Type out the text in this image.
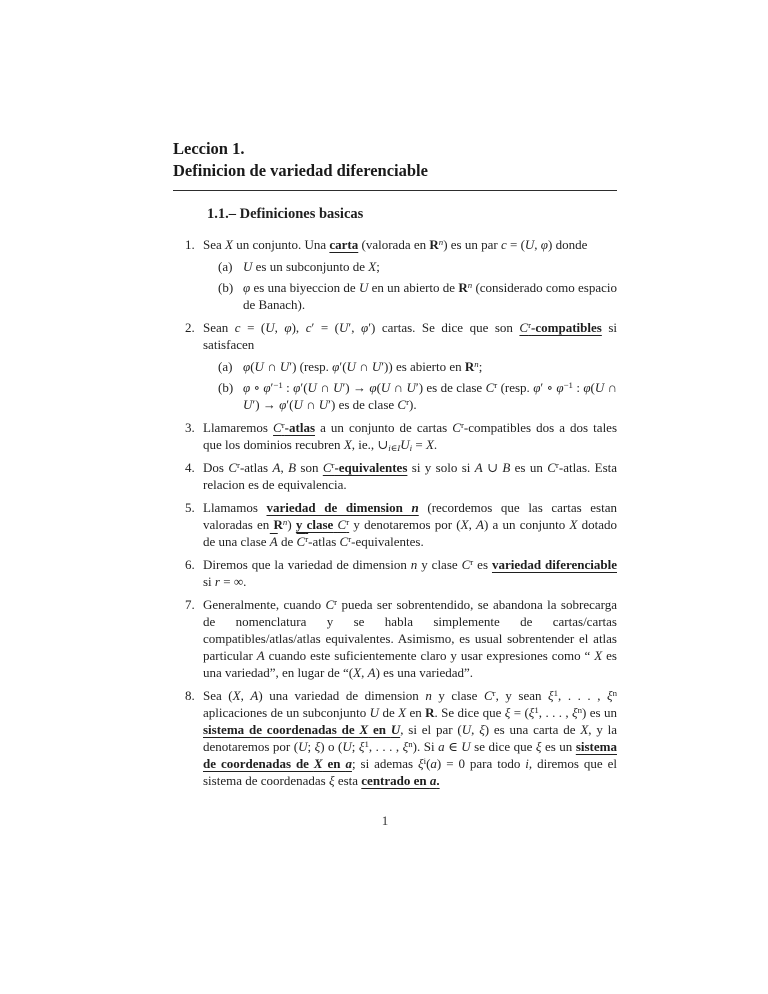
Leccion 1.
Definicion de variedad diferenciable
1.1.– Definiciones basicas
1. Sea X un conjunto. Una carta (valorada en $R^n$) es un par c = (U, φ) donde
(a) U es un subconjunto de X;
(b) φ es una biyeccion de U en un abierto de $R^n$ (considerado como espacio de Banach).
2. Sean c = (U, φ), c′ = (U′, φ′) cartas. Se dice que son $C^r$-compatibles si satisfacen
(a) φ(U ∩ U′) (resp. φ′(U ∩ U′)) es abierto en $R^n$;
(b) φ ∘ $\varphi'^{-1}$ : φ′(U ∩ U′) → φ(U ∩ U′) es de clase $C^r$ (resp. φ′ ∘ $\varphi^{-1}$ : φ(U ∩ U′) → φ′(U ∩ U′) es de clase $C^r$).
3. Llamaremos $C^r$-atlas a un conjunto de cartas $C^r$-compatibles dos a dos tales que los dominios recubren X, ie., $\cup_{i\in I}U_i = X$.
4. Dos $C^r$-atlas A, B son $C^r$-equivalentes si y solo si A ∪ B es un $C^r$-atlas. Esta relacion es de equivalencia.
5. Llamamos variedad de dimension n (recordemos que las cartas estan valoradas en $R^n$) y clase $C^r$ y denotaremos por (X, A) a un conjunto X dotado de una clase $\overline{A}$ de $C^r$-atlas $C^r$-equivalentes.
6. Diremos que la variedad de dimension n y clase $C^r$ es variedad diferenciable si r = ∞.
7. Generalmente, cuando $C^r$ pueda ser sobrentendido, se abandona la sobrecarga de nomenclatura y se habla simplemente de cartas/cartas compatibles/atlas/atlas equivalentes. Asimismo, es usual sobrentender el atlas particular A cuando este suficientemente claro y usar expresiones como “ X es una variedad”, en lugar de “(X, A) es una variedad”.
8. Sea (X, A) una variedad de dimension n y clase $C^r$, y sean $\xi^1$, . . . , $\xi^n$ aplicaciones de un subconjunto U de X en R. Se dice que $\xi = (\xi^1$, . . . , $\xi^n$) es un sistema de coordenadas de X en U, si el par (U, ξ) es una carta de X, y la denotaremos por (U; ξ) o (U; $\xi^1$, . . . , $\xi^n$). Si a ∈ U se dice que ξ es un sistema de coordenadas de X en a; si ademas $\xi^i(a) = 0$ para todo i, diremos que el sistema de coordenadas ξ esta centrado en a.
1
